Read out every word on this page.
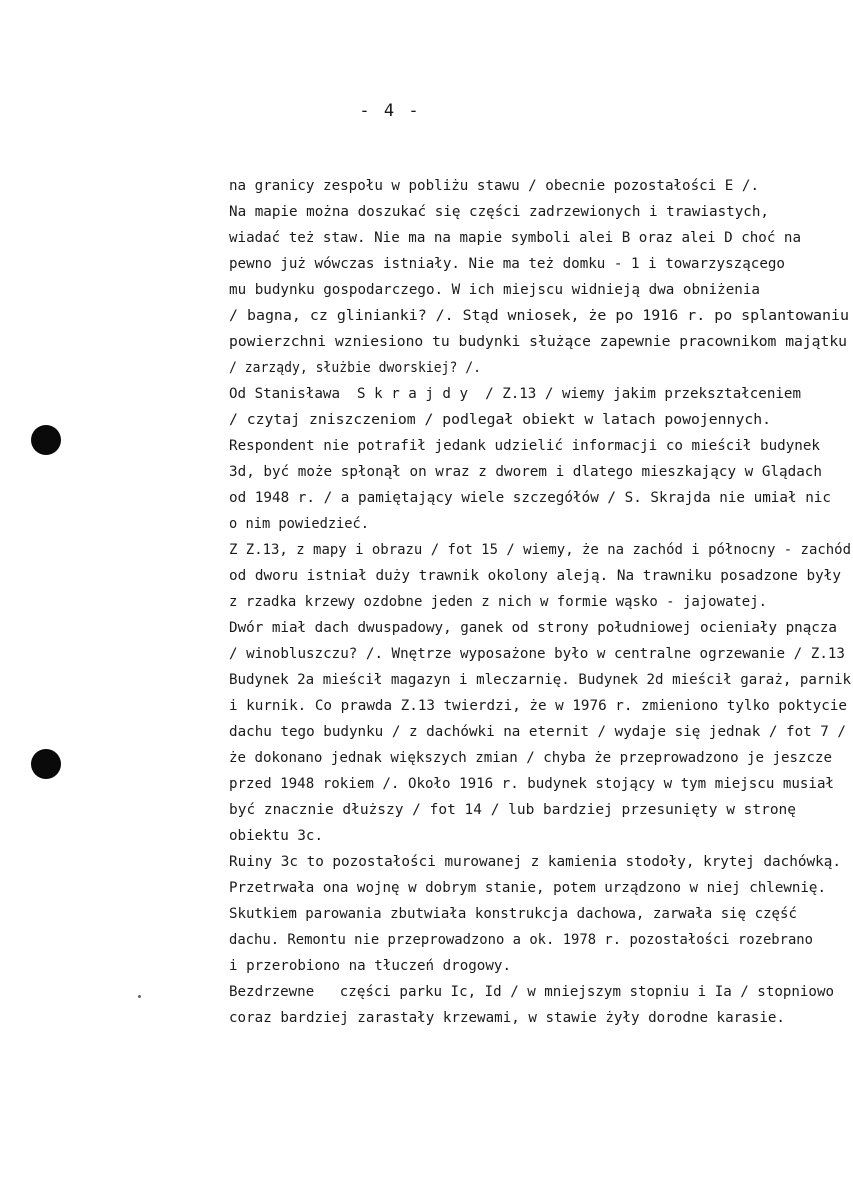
- 4 -
na granicy zespołu w pobliżu stawu / obecnie pozostałości E /.
Na mapie można doszukać się części zadrzewionych i trawiastych,
wiadać też staw. Nie ma na mapie symboli alei B oraz alei D choć na
pewno już wówczas istniały. Nie ma też domku - 1 i towarzyszącego
mu budynku gospodarczego. W ich miejscu widnieją dwa obniżenia
/ bagna, cz glinianki? /. Stąd wniosek, że po 1916 r. po splantowaniu
powierzchni wzniesiono tu budynki służące zapewnie pracownikom majątku
/ zarządy, służbie dworskiej? /.
Od Stanisława  S k r a j d y  / Z.13 / wiemy jakim przekształceniem
/ czytaj zniszczeniom / podlegał obiekt w latach powojennych.
Respondent nie potrafił jedank udzielić informacji co mieścił budynek
3d, być może spłonął on wraz z dworem i dlatego mieszkający w Glądach
od 1948 r. / a pamiętający wiele szczegółów / S. Skrajda nie umiał nic
o nim powiedzieć.
Z Z.13, z mapy i obrazu / fot 15 / wiemy, że na zachód i północny - zachód
od dworu istniał duży trawnik okolony aleją. Na trawniku posadzone były
z rzadka krzewy ozdobne jeden z nich w formie wąsko - jajowatej.
Dwór miał dach dwuspadowy, ganek od strony południowej ocieniały pnącza
/ winobluszczu? /. Wnętrze wyposażone było w centralne ogrzewanie / Z.13
Budynek 2a mieścił magazyn i mleczarnię. Budynek 2d mieścił garaż, parnik
i kurnik. Co prawda Z.13 twierdzi, że w 1976 r. zmieniono tylko poktycie
dachu tego budynku / z dachówki na eternit / wydaje się jednak / fot 7 /
że dokonano jednak większych zmian / chyba że przeprowadzono je jeszcze
przed 1948 rokiem /. Około 1916 r. budynek stojący w tym miejscu musiał
być znacznie dłuższy / fot 14 / lub bardziej przesunięty w stronę
obiektu 3c.
Ruiny 3c to pozostałości murowanej z kamienia stodoły, krytej dachówką.
Przetrwała ona wojnę w dobrym stanie, potem urządzono w niej chlewnię.
Skutkiem parowania zbutwiała konstrukcja dachowa, zarwała się część
dachu. Remontu nie przeprowadzono a ok. 1978 r. pozostałości rozebrano
i przerobiono na tłuczeń drogowy.
Bezdrzewne   części parku Ic, Id / w mniejszym stopniu i Ia / stopniowo
coraz bardziej zarastały krzewami, w stawie żyły dorodne karasie.
